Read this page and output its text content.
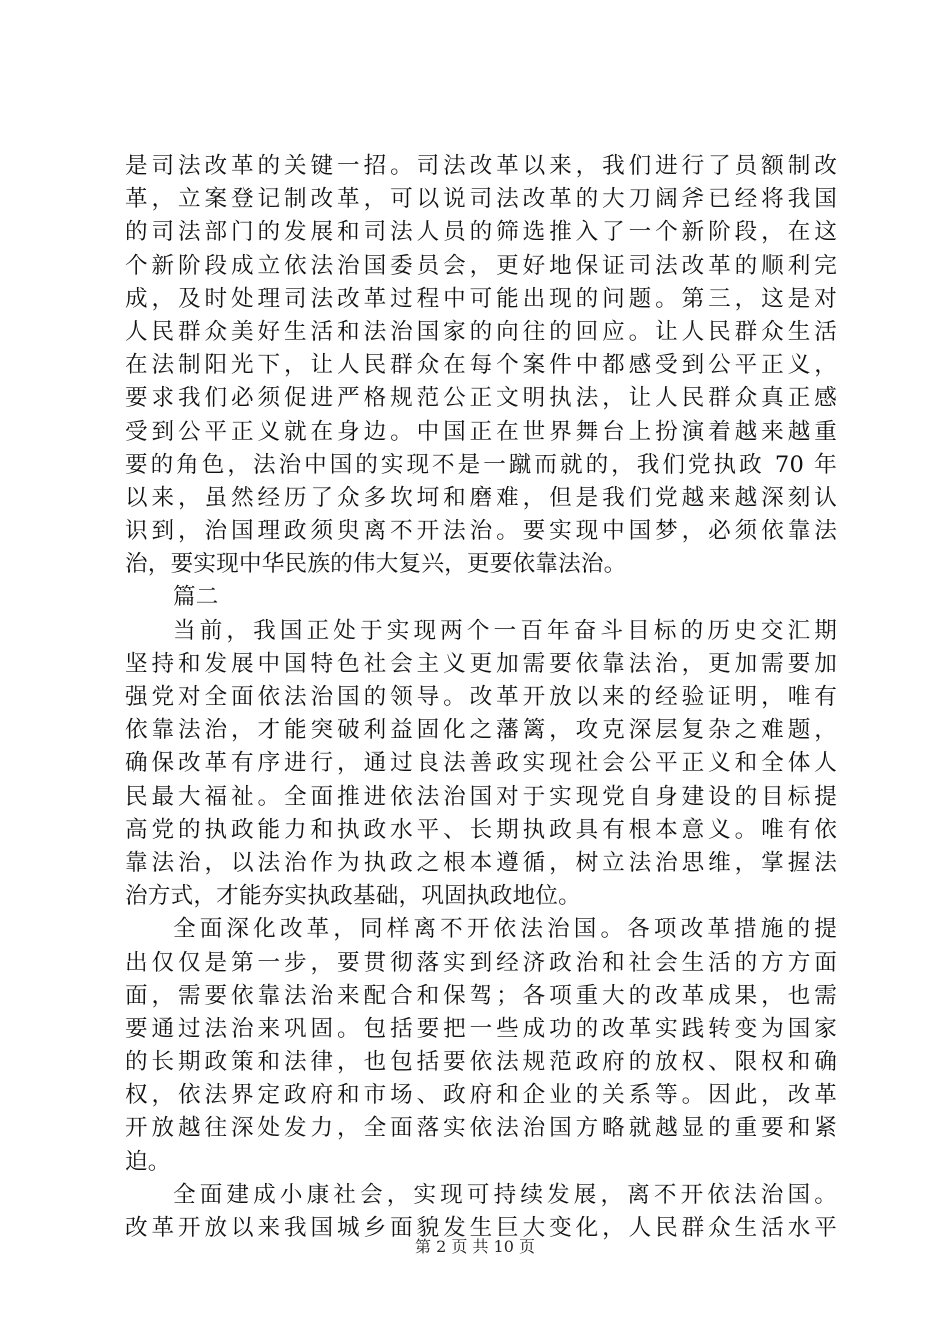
是司法改革的关键一招。司法改革以来，我们进行了员额制改
革，立案登记制改革，可以说司法改革的大刀阔斧已经将我国
的司法部门的发展和司法人员的筛选推入了一个新阶段，在这
个新阶段成立依法治国委员会，更好地保证司法改革的顺利完
成，及时处理司法改革过程中可能出现的问题。第三，这是对
人民群众美好生活和法治国家的向往的回应。让人民群众生活
在法制阳光下，让人民群众在每个案件中都感受到公平正义，
要求我们必须促进严格规范公正文明执法，让人民群众真正感
受到公平正义就在身边。中国正在世界舞台上扮演着越来越重
要的角色，法治中国的实现不是一蹴而就的，我们党执政 70 年
以来，虽然经历了众多坎坷和磨难，但是我们党越来越深刻认
识到，治国理政须臾离不开法治。要实现中国梦，必须依靠法
治，要实现中华民族的伟大复兴，更要依靠法治。
篇二
当前，我国正处于实现两个一百年奋斗目标的历史交汇期
坚持和发展中国特色社会主义更加需要依靠法治，更加需要加
强党对全面依法治国的领导。改革开放以来的经验证明，唯有
依靠法治，才能突破利益固化之藩篱，攻克深层复杂之难题，
确保改革有序进行，通过良法善政实现社会公平正义和全体人
民最大福祉。全面推进依法治国对于实现党自身建设的目标提
高党的执政能力和执政水平、长期执政具有根本意义。唯有依
靠法治，以法治作为执政之根本遵循，树立法治思维，掌握法
治方式，才能夯实执政基础，巩固执政地位。
全面深化改革，同样离不开依法治国。各项改革措施的提
出仅仅是第一步，要贯彻落实到经济政治和社会生活的方方面
面，需要依靠法治来配合和保驾；各项重大的改革成果，也需
要通过法治来巩固。包括要把一些成功的改革实践转变为国家
的长期政策和法律，也包括要依法规范政府的放权、限权和确
权，依法界定政府和市场、政府和企业的关系等。因此，改革
开放越往深处发力，全面落实依法治国方略就越显的重要和紧
迫。
全面建成小康社会，实现可持续发展，离不开依法治国。
改革开放以来我国城乡面貌发生巨大变化，人民群众生活水平
第 2 页 共 10 页
